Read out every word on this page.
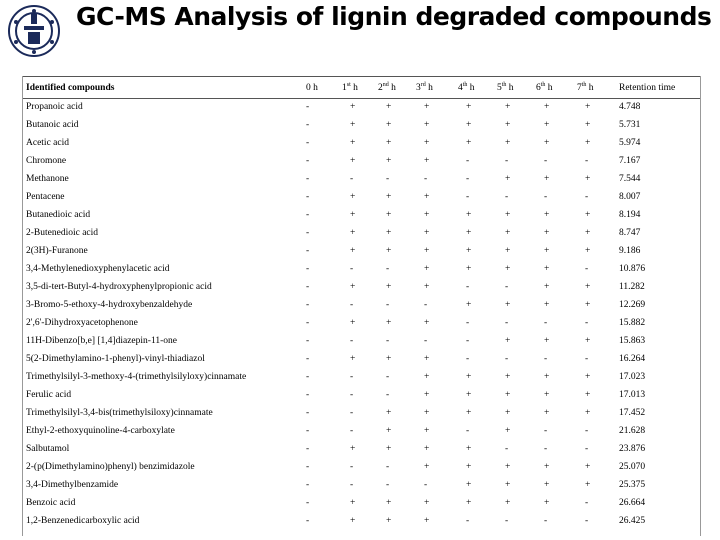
GC-MS Analysis of lignin degraded compounds
Identified compounds	0 h	1st h	2nd h	3rd h	4th h	5th h	6th h	7th h	Retention time
Propanoic acid	-	+	+	+	+	+	+	+	4.748
Butanoic acid	-	+	+	+	+	+	+	+	5.731
Acetic acid	-	+	+	+	+	+	+	+	5.974
Chromone	-	+	+	+	-	-	-	-	7.167
Methanone	-	-	-	-	-	+	+	+	7.544
Pentacene	-	+	+	+	-	-	-	-	8.007
Butanedioic acid	-	+	+	+	+	+	+	+	8.194
2-Butenedioic acid	-	+	+	+	+	+	+	+	8.747
2(3H)-Furanone	-	+	+	+	+	+	+	+	9.186
3,4-Methylenedioxyphenylacetic acid	-	-	-	+	+	+	+	-	10.876
3,5-di-tert-Butyl-4-hydroxyphenylpropionic acid	-	+	+	+	-	-	+	+	11.282
3-Bromo-5-ethoxy-4-hydroxybenzaldehyde	-	-	-	-	+	+	+	+	12.269
2',6'-Dihydroxyacetophenone	-	+	+	+	-	-	-	-	15.882
11H-Dibenzo[b,e] [1,4]diazepin-11-one	-	-	-	-	-	+	+	+	15.863
5(2-Dimethylamino-1-phenyl)-vinyl-thiadiazol	-	+	+	+	-	-	-	-	16.264
Trimethylsilyl-3-methoxy-4-(trimethylsilyloxy)cinnamate	-	-	-	+	+	+	+	+	17.023
Ferulic acid	-	-	-	+	+	+	+	+	17.013
Trimethylsilyl-3,4-bis(trimethylsiloxy)cinnamate	-	-	+	+	+	+	+	+	17.452
Ethyl-2-ethoxyquinoline-4-carboxylate	-	-	+	+	-	+	-	-	21.628
Salbutamol	-	+	+	+	+	-	-	-	23.876
2-(p(Dimethylamino)phenyl) benzimidazole	-	-	-	+	+	+	+	+	25.070
3,4-Dimethylbenzamide	-	-	-	-	+	+	+	+	25.375
Benzoic acid	-	+	+	+	+	+	+	-	26.664
1,2-Benzenedicarboxylic acid	-	+	+	+	-	-	-	-	26.425
